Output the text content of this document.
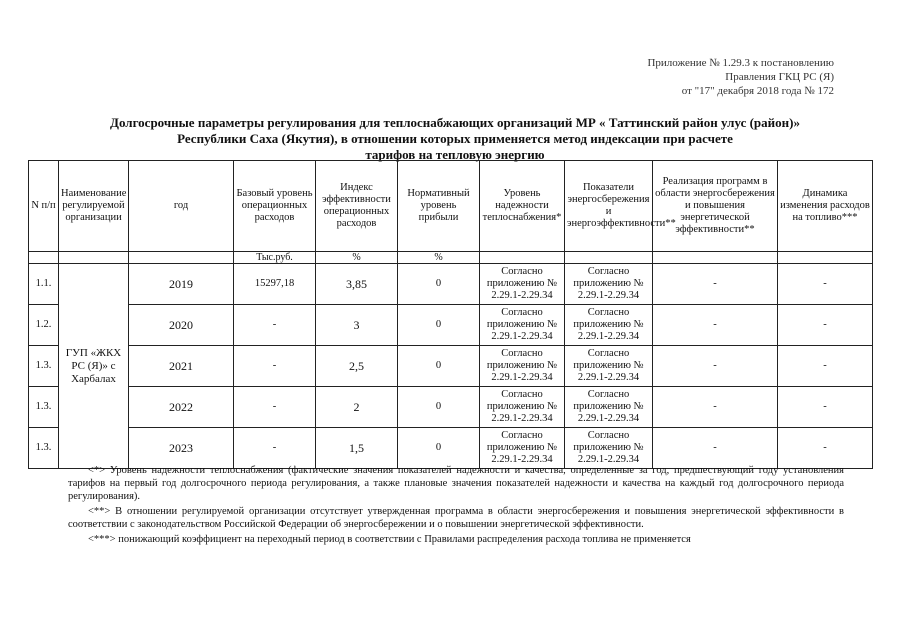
Приложение № 1.29.3 к постановлению
Правления ГКЦ РС (Я)
от "17" декабря 2018 года № 172
Долгосрочные параметры регулирования для теплоснабжающих организаций МР « Таттинский район улус (район)»
Республики Саха (Якутия), в отношении которых применяется метод индексации при расчете
тарифов на тепловую энергию
N п/п	Наименование регулируемой организации	год	Базовый уровень операционных расходов	Индекс эффективности операционных расходов	Нормативный уровень прибыли	Уровень надежности теплоснабжения*	Показатели энергосбережения и энергоэффективности**	Реализация программ в области энергосбережения и повышения энергетической эффективности**	Динамика изменения расходов на топливо***
			Тыс.руб.	%	%				
1.1.	ГУП «ЖКХ РС (Я)» с Харбалах	2019	15297,18	3,85	0	Согласно приложению № 2.29.1-2.29.34	Согласно приложению № 2.29.1-2.29.34	-	-
1.2.		2020	-	3	0	Согласно приложению № 2.29.1-2.29.34	Согласно приложению № 2.29.1-2.29.34	-	-
1.3.		2021	-	2,5	0	Согласно приложению № 2.29.1-2.29.34	Согласно приложению № 2.29.1-2.29.34	-	-
1.3.		2022	-	2	0	Согласно приложению № 2.29.1-2.29.34	Согласно приложению № 2.29.1-2.29.34	-	-
1.3.		2023	-	1,5	0	Согласно приложению № 2.29.1-2.29.34	Согласно приложению № 2.29.1-2.29.34	-	-

<*> Уровень надежности теплоснабжения (фактические значения показателей надежности и качества, определенные за год, предшествующий году установления тарифов на первый год долгосрочного периода регулирования, а также плановые значения показателей надежности и качества на каждый год долгосрочного периода регулирования).

<**> В отношении регулируемой организации отсутствует утвержденная программа в области энергосбережения и повышения энергетической эффективности в соответствии с законодательством Российской Федерации об энергосбережении и о повышении энергетической эффективности.

<***> понижающий коэффициент на переходный период в соответствии с Правилами распределения расхода топлива не применяется
